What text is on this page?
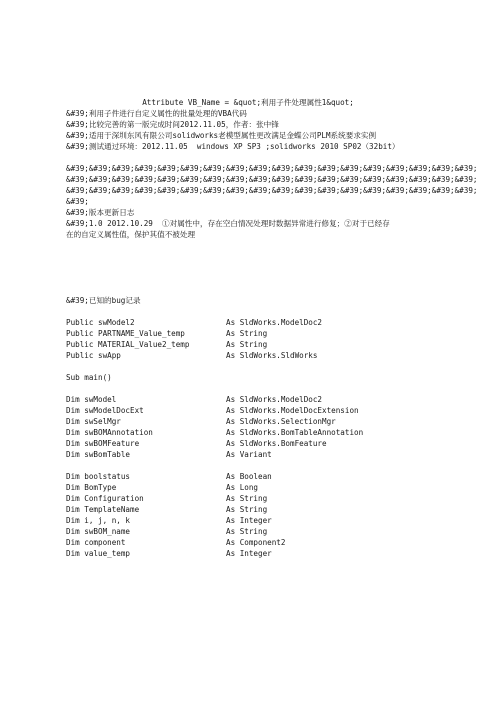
Attribute VB_Name = &quot;利用子件处理属性1&quot;
&#39;利用子件进行自定义属性的批量处理的VBA代码
&#39;比较完善的第一版完成时间2012.11.05，作者：张中锋
&#39;适用于深圳东风有限公司solidworks老模型属性更改满足金蝶公司PLM系统要求实例
&#39;测试通过环境：2012.11.05  windows XP SP3 ;solidworks 2010 SP02（32bit）
&#39;&#39;&#39;&#39;&#39;&#39;&#39;&#39;&#39;&#39;&#39;&#39;&#39;&#39;&#39;&#39;&#39;&#39;
&#39;&#39;&#39;&#39;&#39;&#39;&#39;&#39;&#39;&#39;&#39;&#39;&#39;&#39;&#39;&#39;&#39;&#39;
&#39;&#39;&#39;&#39;&#39;&#39;&#39;&#39;&#39;&#39;&#39;&#39;&#39;&#39;&#39;&#39;&#39;&#39;
&#39;
&#39;版本更新日志
&#39;1.0 2012.10.29  ①对属性中，存在空白情况处理时数据异常进行修复；②对于已经存
在的自定义属性值，保护其值不被处理
&#39;已知的bug记录
Public swModel2	As SldWorks.ModelDoc2
Public PARTNAME_Value_temp	As String
Public MATERIAL_Value2_temp	As String
Public swApp	As SldWorks.SldWorks
Sub main()
Dim swModel	As SldWorks.ModelDoc2
Dim swModelDocExt	As SldWorks.ModelDocExtension
Dim swSelMgr	As SldWorks.SelectionMgr
Dim swBOMAnnotation	As SldWorks.BomTableAnnotation
Dim swBOMFeature	As SldWorks.BomFeature
Dim swBomTable	As Variant
Dim boolstatus	As Boolean
Dim BomType	As Long
Dim Configuration	As String
Dim TemplateName	As String
Dim i, j, n, k	As Integer
Dim swBOM_name	As String
Dim component	As Component2
Dim value_temp	As Integer
